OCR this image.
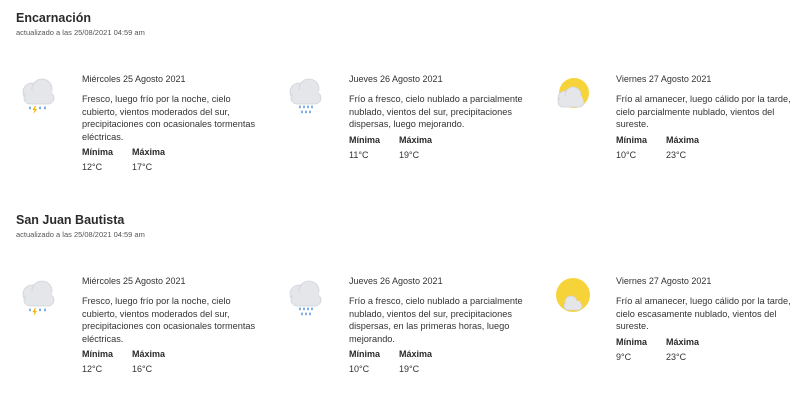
Encarnación
actualizado a las 25/08/2021 04:59 am
Miércoles 25 Agosto 2021
Fresco, luego frío por la noche, cielo cubierto, vientos moderados del sur, precipitaciones con ocasionales tormentas eléctricas.
Mínima
12°C
Máxima
17°C
Jueves 26 Agosto 2021
Frío a fresco, cielo nublado a parcialmente nublado, vientos del sur, precipitaciones dispersas, luego mejorando.
Mínima
11°C
Máxima
19°C
Viernes 27 Agosto 2021
Frío al amanecer, luego cálido por la tarde, cielo parcialmente nublado, vientos del sureste.
Mínima
10°C
Máxima
23°C
San Juan Bautista
actualizado a las 25/08/2021 04:59 am
Miércoles 25 Agosto 2021
Fresco, luego frío por la noche, cielo cubierto, vientos moderados del sur, precipitaciones con ocasionales tormentas eléctricas.
Mínima
12°C
Máxima
16°C
Jueves 26 Agosto 2021
Frío a fresco, cielo nublado a parcialmente nublado, vientos del sur, precipitaciones dispersas, en las primeras horas, luego mejorando.
Mínima
10°C
Máxima
19°C
Viernes 27 Agosto 2021
Frío al amanecer, luego cálido por la tarde, cielo escasamente nublado, vientos del sureste.
Mínima
9°C
Máxima
23°C
